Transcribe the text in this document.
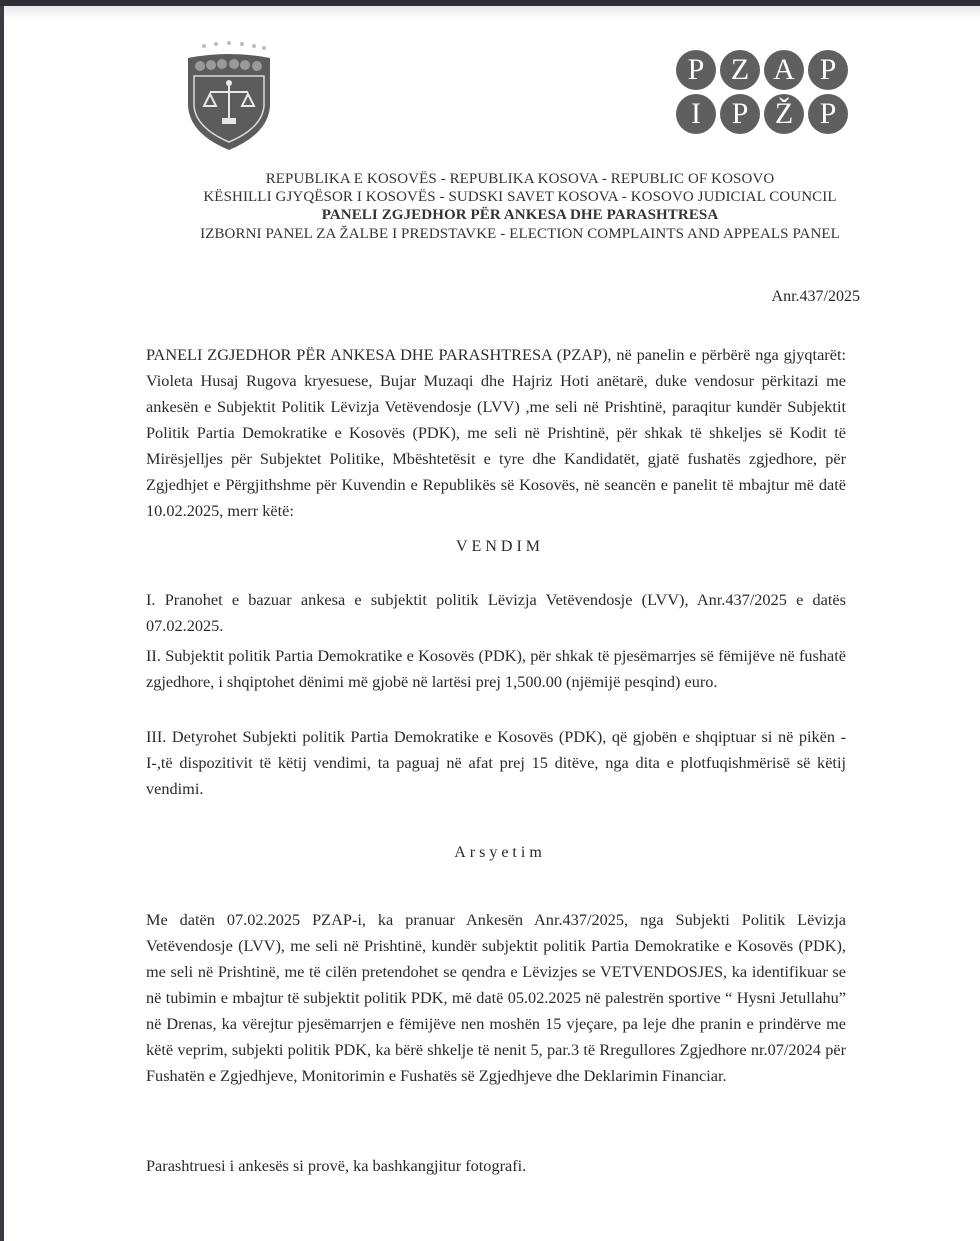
P Z A P
I	P Ž P
REPUBLIKA E KOSOVËS - REPUBLIKA KOSOVA - REPUBLIC OF KOSOVO
KËSHILLI GJYQËSOR I KOSOVËS - SUDSKI SAVET KOSOVA - KOSOVO JUDICIAL COUNCIL
PANELI ZGJEDHOR PËR ANKESA DHE PARASHTRESA
IZBORNI PANEL ZA ŽALBE I PREDSTAVKE - ELECTION COMPLAINTS AND APPEALS PANEL
Anr.437/2025
PANELI ZGJEDHOR PËR ANKESA DHE PARASHTRESA (PZAP), në panelin e përbërë nga gjyqtarët: Violeta Husaj Rugova kryesuese, Bujar Muzaqi dhe Hajriz Hoti anëtarë, duke vendosur përkitazi me ankesën e Subjektit Politik Lëvizja Vetëvendosje (LVV) ,me seli në Prishtinë, paraqitur kundër Subjektit Politik Partia Demokratike e Kosovës (PDK), me seli në Prishtinë, për shkak të shkeljes së Kodit të Mirësjelljes për Subjektet Politike, Mbështetësit e tyre dhe Kandidatët, gjatë fushatës zgjedhore, për Zgjedhjet e Përgjithshme për Kuvendin e Republikës së Kosovës, në seancën e panelit të mbajtur më datë 10.02.2025, merr këtë:
VENDIM
I. Pranohet e bazuar ankesa e subjektit politik Lëvizja Vetëvendosje (LVV), Anr.437/2025 e datës 07.02.2025.
II. Subjektit politik Partia Demokratike e Kosovës (PDK), për shkak të pjesëmarrjes së fëmijëve në fushatë zgjedhore, i shqiptohet dënimi më gjobë në lartësi prej 1,500.00 (njëmijë pesqind) euro.
III. Detyrohet Subjekti politik Partia Demokratike e Kosovës (PDK), që gjobën e shqiptuar si në pikën -I-,të dispozitivit të këtij vendimi, ta paguaj në afat prej 15 ditëve, nga dita e plotfuqishmërisë së këtij vendimi.
Arsyetim
Me datën 07.02.2025 PZAP-i, ka pranuar Ankesën Anr.437/2025, nga Subjekti Politik Lëvizja Vetëvendosje (LVV), me seli në Prishtinë, kundër subjektit politik Partia Demokratike e Kosovës (PDK), me seli në Prishtinë, me të cilën pretendohet se qendra e Lëvizjes se VETVENDOSJES, ka identifikuar se në tubimin e mbajtur të subjektit politik PDK, më datë 05.02.2025 në palestrën sportive “ Hysni Jetullahu” në Drenas, ka vërejtur pjesëmarrjen e fëmijëve nen moshën 15 vjeçare, pa leje dhe pranin e prindërve me këtë veprim, subjekti politik PDK, ka bërë shkelje të nenit 5, par.3 të Rregullores Zgjedhore nr.07/2024 për Fushatën e Zgjedhjeve, Monitorimin e Fushatës së Zgjedhjeve dhe Deklarimin Financiar.
Parashtruesi i ankesës si provë, ka bashkangjitur fotografi.
